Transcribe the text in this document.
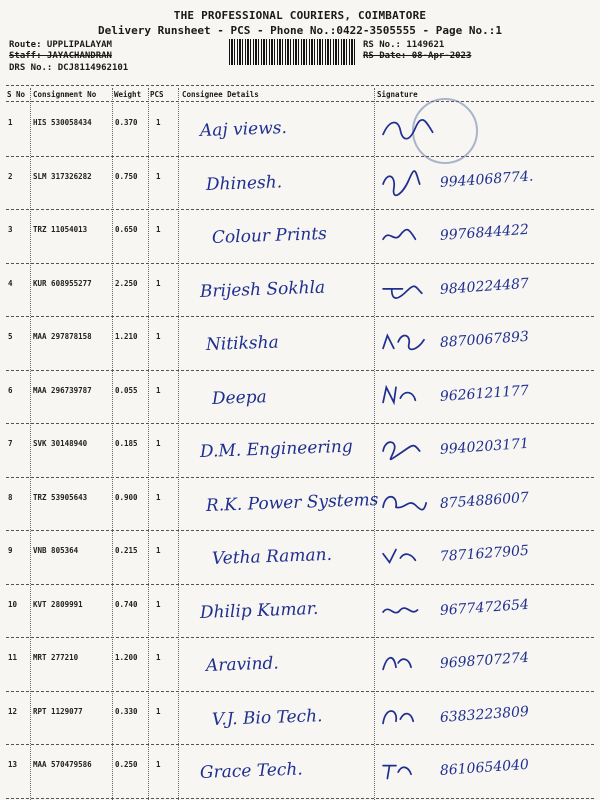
THE PROFESSIONAL COURIERS, COIMBATORE
Delivery Runsheet - PCS - Phone No.:0422-3505555 - Page No.:1
Route: UPPLIPALAYAM
Staff: JAYACHANDRAN
DRS No.: DCJ8114962101
RS No.: 1149621
RS Date: 08-Apr-2023
S No Consignment No Weight PCS Consignee Details	Signature
1	HIS 530058434	0.370 1 Aaj views.
2	SLM 317326282	0.750 1	Dhinesh.	9944068774.
3	TRZ 11054013	0.650 1	Colour Prints	9976844422
4	KUR 608955277	2.250 1 Brijesh Sokhla	9840224487
5	MAA 297878158	1.210 1	Nitiksha	8870067893
6	MAA 296739787	0.055 1	Deepa	9626121177
7	SVK 30148940	0.185 1 D.M. Engineering	9940203171
8	TRZ 53905643	0.900 1	R.K. Power Systems	8754886007
9	VNB 805364	0.215 1	Vetha Raman.	7871627905
10 KVT 2809991	0.740 1 Dhilip Kumar.	9677472654
11 MRT 277210	1.200 1	Aravind.	9698707274
12 RPT 1129077	0.330 1	V.J. Bio Tech.	6383223809
13 MAA 570479586	0.250 1 Grace Tech.	8610654040
